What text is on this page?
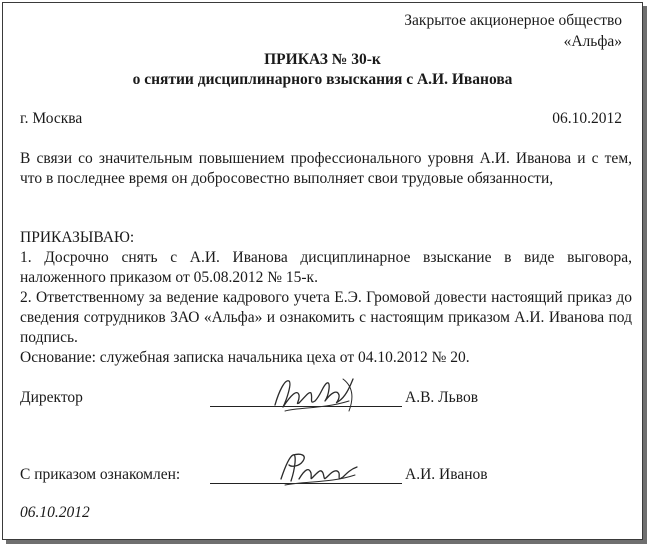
Закрытое акционерное общество
«Альфа»
ПРИКАЗ № 30-к
о снятии дисциплинарного взыскания с А.И. Иванова
г. Москва	06.10.2012
В связи со значительным повышением профессионального уровня А.И. Иванова и с тем, что в последнее время он добросовестно выполняет свои трудовые обязанности,
ПРИКАЗЫВАЮ:
1. Досрочно снять с А.И. Иванова дисциплинарное взыскание в виде выговора, наложенного приказом от 05.08.2012 № 15-к.
2. Ответственному за ведение кадрового учета Е.Э. Громовой довести настоящий приказ до сведения сотрудников ЗАО «Альфа» и ознакомить с настоящим приказом А.И. Иванова под подпись.
Основание: служебная записка начальника цеха от 04.10.2012 № 20.
Директор	А.В. Львов
С приказом ознакомлен:	А.И. Иванов
06.10.2012
